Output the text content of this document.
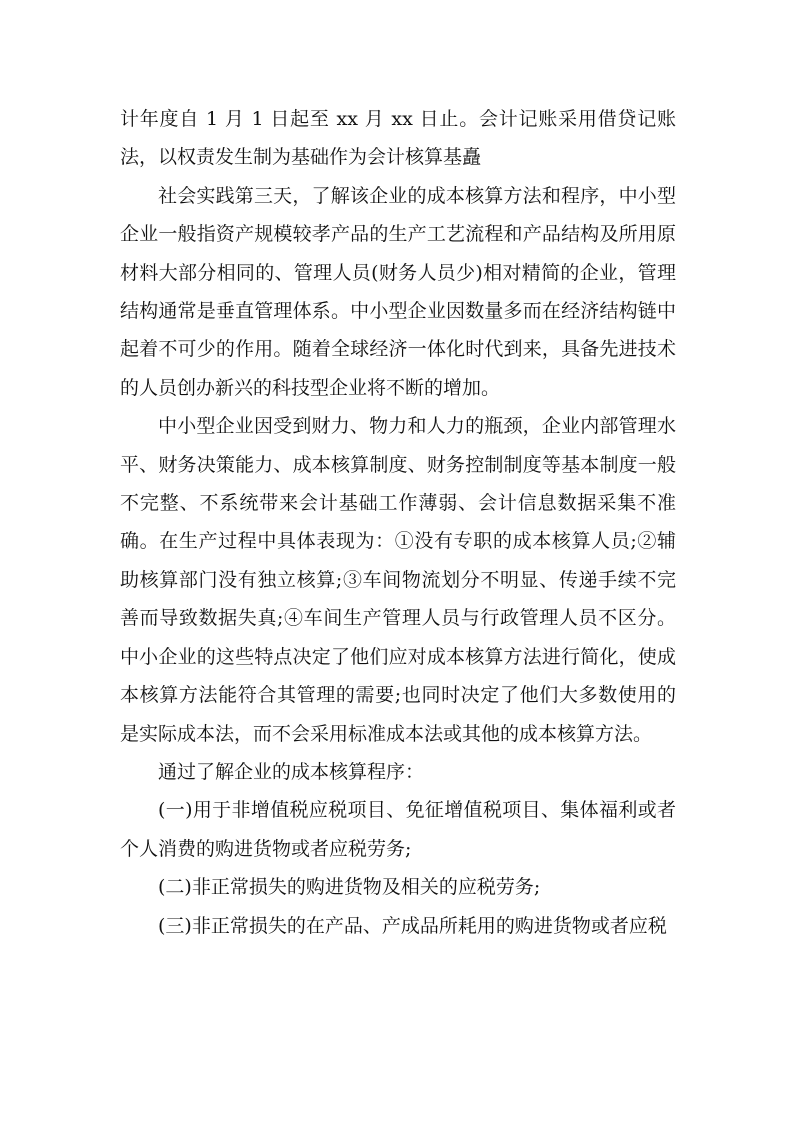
计年度自 1 月 1 日起至 xx 月 xx 日止。会计记账采用借贷记账法，以权责发生制为基础作为会计核算基矗

社会实践第三天，了解该企业的成本核算方法和程序，中小型企业一般指资产规模较孝产品的生产工艺流程和产品结构及所用原材料大部分相同的、管理人员(财务人员少)相对精简的企业，管理结构通常是垂直管理体系。中小型企业因数量多而在经济结构链中起着不可少的作用。随着全球经济一体化时代到来，具备先进技术的人员创办新兴的科技型企业将不断的增加。

中小型企业因受到财力、物力和人力的瓶颈，企业内部管理水平、财务决策能力、成本核算制度、财务控制制度等基本制度一般不完整、不系统带来会计基础工作薄弱、会计信息数据采集不准确。在生产过程中具体表现为：①没有专职的成本核算人员;②辅助核算部门没有独立核算;③车间物流划分不明显、传递手续不完善而导致数据失真;④车间生产管理人员与行政管理人员不区分。中小企业的这些特点决定了他们应对成本核算方法进行简化，使成本核算方法能符合其管理的需要;也同时决定了他们大多数使用的是实际成本法，而不会采用标准成本法或其他的成本核算方法。

通过了解企业的成本核算程序：

(一)用于非增值税应税项目、免征增值税项目、集体福利或者个人消费的购进货物或者应税劳务;

(二)非正常损失的购进货物及相关的应税劳务;

(三)非正常损失的在产品、产成品所耗用的购进货物或者应税
